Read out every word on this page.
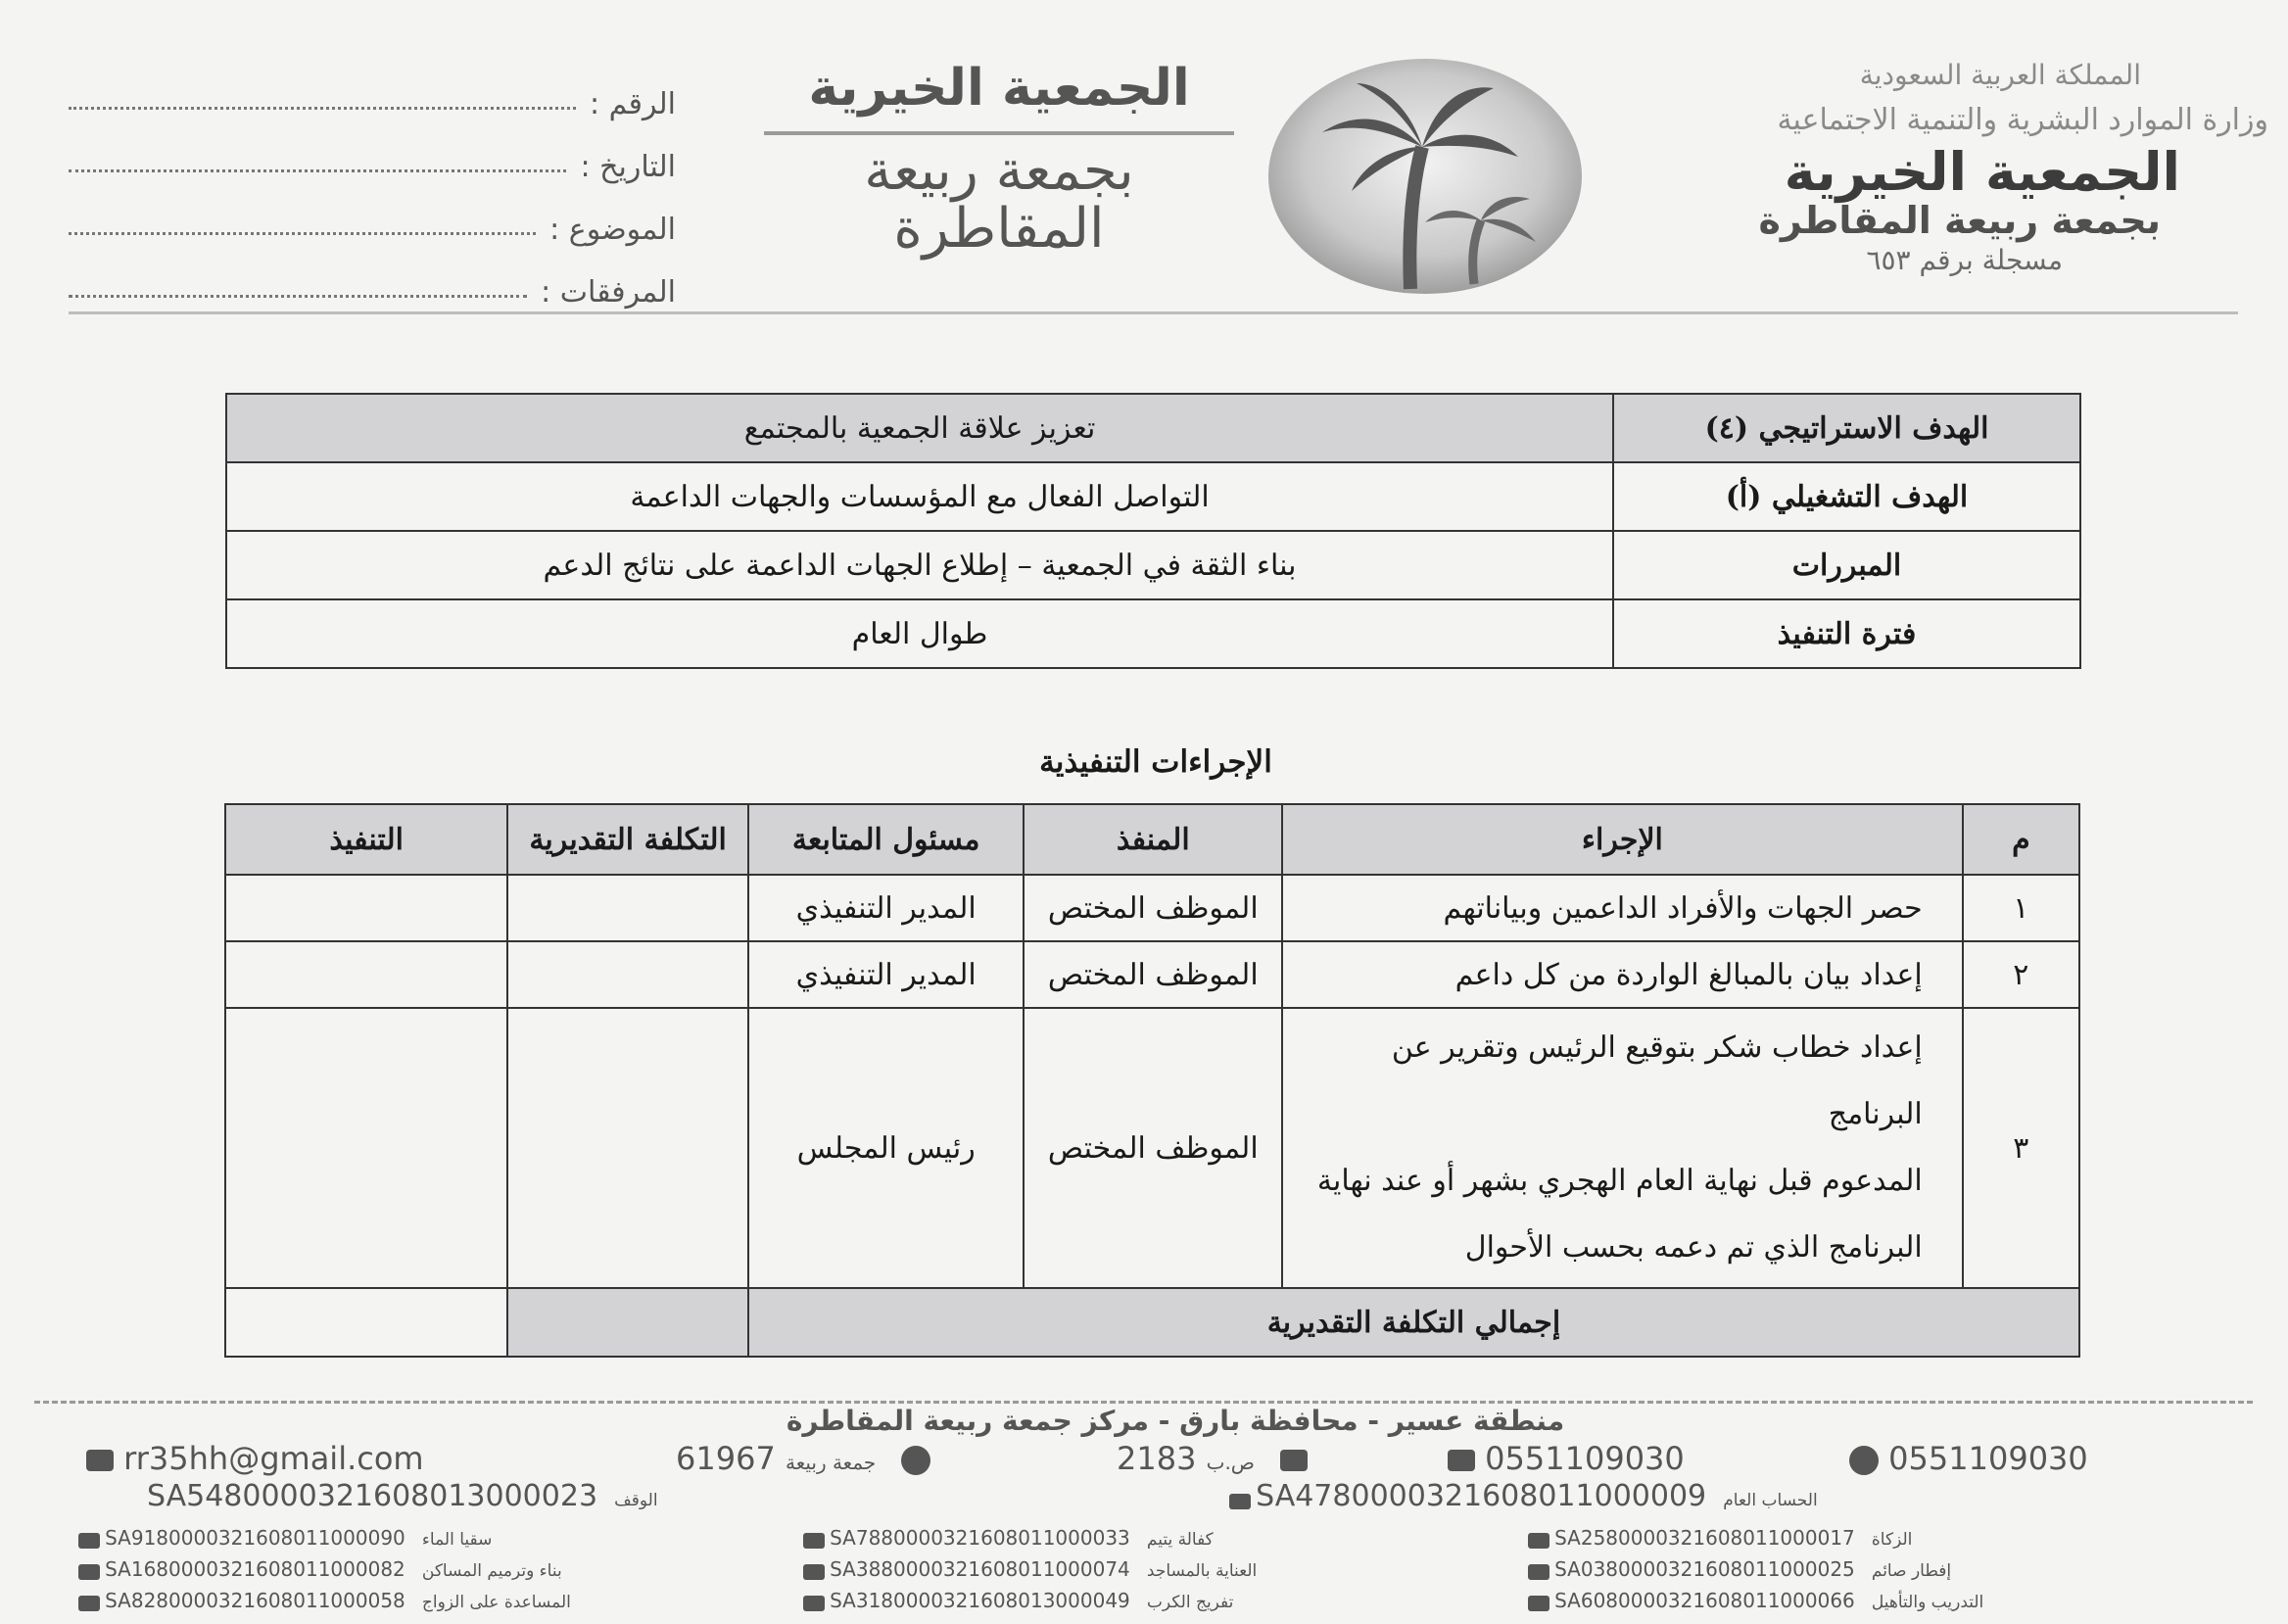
المملكة العربية السعودية
وزارة الموارد البشرية والتنمية الاجتماعية
الجمعية الخيرية
بجمعة ربيعة المقاطرة
مسجلة برقم ٦٥٣
الجمعية الخيرية
بجمعة ربيعة
المقاطرة
الرقم :
التاريخ :
الموضوع :
المرفقات :
الهدف الاستراتيجي (٤)	تعزيز علاقة الجمعية بالمجتمع
الهدف التشغيلي (أ)	التواصل الفعال مع المؤسسات والجهات الداعمة
المبررات	بناء الثقة في الجمعية – إطلاع الجهات الداعمة على نتائج الدعم
فترة التنفيذ	طوال العام
الإجراءات التنفيذية
م	الإجراء	المنفذ	مسئول المتابعة	التكلفة التقديرية	التنفيذ
١	حصر الجهات والأفراد الداعمين وبياناتهم	الموظف المختص	المدير التنفيذي		
٢	إعداد بيان بالمبالغ الواردة من كل داعم	الموظف المختص	المدير التنفيذي		
٣	إعداد خطاب شكر بتوقيع الرئيس وتقرير عن البرنامج
المدعوم قبل نهاية العام الهجري بشهر أو عند نهاية
البرنامج الذي تم دعمه بحسب الأحوال	الموظف المختص	رئيس المجلس		
إجمالي التكلفة التقديرية					
منطقة عسير - محافظة بارق - مركز جمعة ربيعة المقاطرة
rr35hh@gmail.com	61967 جمعة ربيعة	2183 ص.ب	0551109030	0551109030
SA5480000321608013000023 الوقف	SA4780000321608011000009 الحساب العام
SA9180000321608011000090 سقيا الماء	SA7880000321608011000033 كفالة يتيم	SA2580000321608011000017 الزكاة
SA1680000321608011000082 بناء وترميم المساكن	SA3880000321608011000074 العناية بالمساجد	SA0380000321608011000025 إفطار صائم
SA8280000321608011000058 المساعدة على الزواج	SA3180000321608013000049 تفريج الكرب	SA6080000321608011000066 التدريب والتأهيل
